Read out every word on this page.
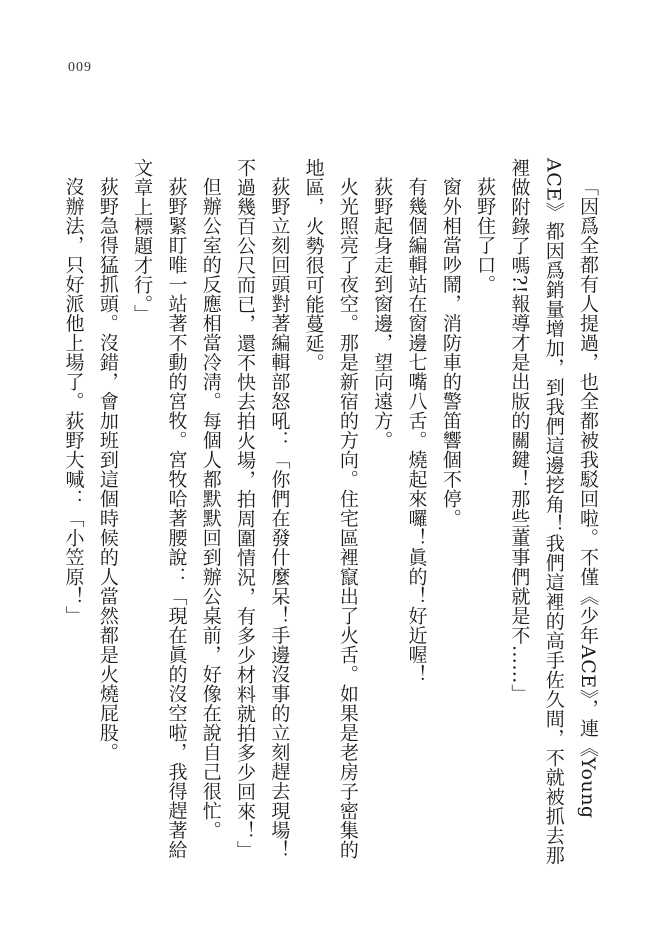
009

「因爲全都有人提過，也全都被我駁回啦。不僅《少年ACE》，連《Young ACE》都因爲銷量增加，到我們這邊挖角！我們這裡的高手佐久間，不就被抓去那裡做附錄了嗎?!報導才是出版的關鍵！那些董事們就是不……」

荻野住了口。

窗外相當吵鬧，消防車的警笛響個不停。

有幾個編輯站在窗邊七嘴八舌。燒起來囉！眞的！好近喔！

荻野起身走到窗邊，望向遠方。

火光照亮了夜空。那是新宿的方向。住宅區裡竄出了火舌。如果是老房子密集的地區，火勢很可能蔓延。

荻野立刻回頭對著編輯部怒吼：「你們在發什麼呆！手邊沒事的立刻趕去現場！不過幾百公尺而已，還不快去拍火場，拍周圍情況，有多少材料就拍多少回來！」

但辦公室的反應相當冷淸。每個人都默默回到辦公桌前，好像在說自己很忙。

荻野緊盯唯一站著不動的宮牧。宮牧哈著腰說：「現在眞的沒空啦，我得趕著給文章上標題才行。」

荻野急得猛抓頭。沒錯，會加班到這個時候的人當然都是火燒屁股。

沒辦法，只好派他上場了。荻野大喊：「小笠原！」
